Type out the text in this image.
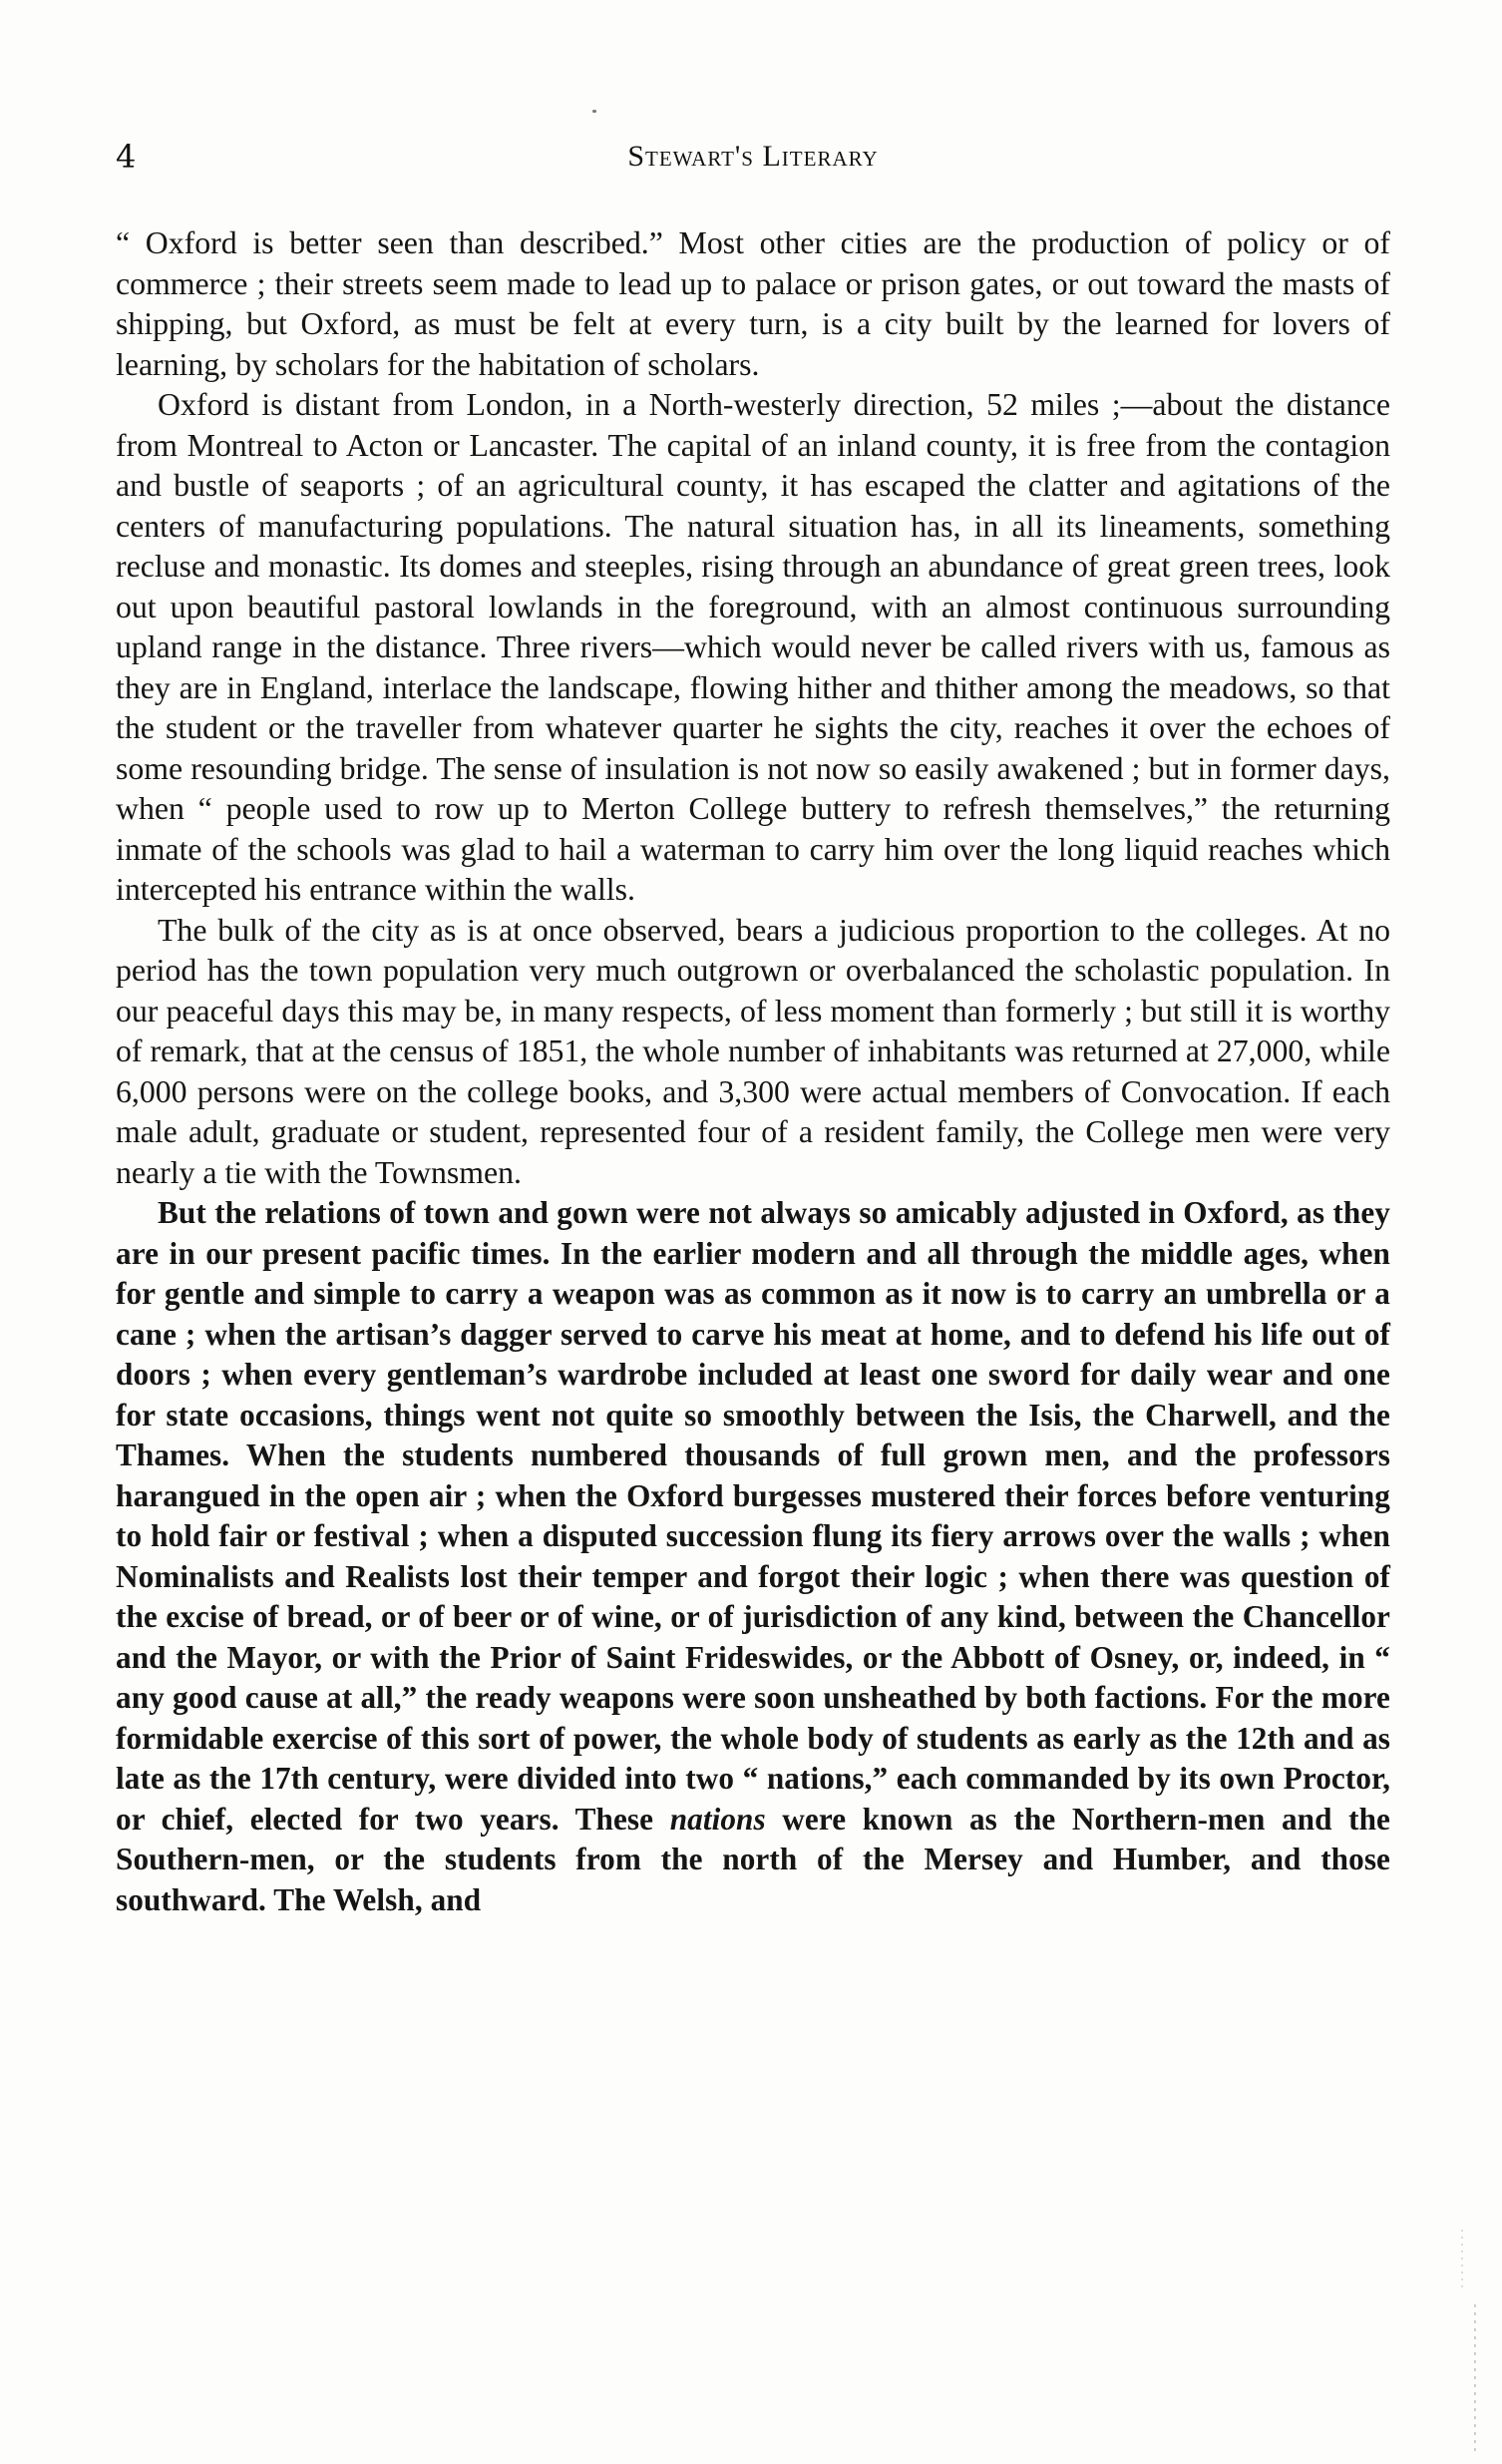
4	Stewart's Literary

“ Oxford is better seen than described.” Most other cities are the production of policy or of commerce ; their streets seem made to lead up to palace or prison gates, or out toward the masts of shipping, but Oxford, as must be felt at every turn, is a city built by the learned for lovers of learning, by scholars for the habitation of scholars.

Oxford is distant from London, in a North-westerly direction, 52 miles ;—about the distance from Montreal to Acton or Lancaster. The capital of an inland county, it is free from the contagion and bustle of seaports ; of an agricultural county, it has escaped the clatter and agitations of the centers of manufacturing populations. The natural situation has, in all its lineaments, something recluse and monastic. Its domes and steeples, rising through an abundance of great green trees, look out upon beautiful pastoral lowlands in the foreground, with an almost continuous surrounding upland range in the distance. Three rivers—which would never be called rivers with us, famous as they are in England, interlace the landscape, flowing hither and thither among the meadows, so that the student or the traveller from whatever quarter he sights the city, reaches it over the echoes of some resounding bridge. The sense of insulation is not now so easily awakened ; but in former days, when “ people used to row up to Merton College buttery to refresh themselves,” the returning inmate of the schools was glad to hail a waterman to carry him over the long liquid reaches which intercepted his entrance within the walls.

The bulk of the city as is at once observed, bears a judicious proportion to the colleges. At no period has the town population very much outgrown or overbalanced the scholastic population. In our peaceful days this may be, in many respects, of less moment than formerly ; but still it is worthy of remark, that at the census of 1851, the whole number of inhabitants was returned at 27,000, while 6,000 persons were on the college books, and 3,300 were actual members of Convocation. If each male adult, graduate or student, represented four of a resident family, the College men were very nearly a tie with the Townsmen.

But the relations of town and gown were not always so amicably adjusted in Oxford, as they are in our present pacific times. In the earlier modern and all through the middle ages, when for gentle and simple to carry a weapon was as common as it now is to carry an umbrella or a cane ; when the artisan’s dagger served to carve his meat at home, and to defend his life out of doors ; when every gentleman’s wardrobe included at least one sword for daily wear and one for state occasions, things went not quite so smoothly between the Isis, the Charwell, and the Thames. When the students numbered thousands of full grown men, and the professors harangued in the open air ; when the Oxford burgesses mustered their forces before venturing to hold fair or festival ; when a disputed succession flung its fiery arrows over the walls ; when Nominalists and Realists lost their temper and forgot their logic ; when there was question of the excise of bread, or of beer or of wine, or of jurisdiction of any kind, between the Chancellor and the Mayor, or with the Prior of Saint Frideswides, or the Abbott of Osney, or, indeed, in “ any good cause at all,” the ready weapons were soon unsheathed by both factions. For the more formidable exercise of this sort of power, the whole body of students as early as the 12th and as late as the 17th century, were divided into two “ nations,” each commanded by its own Proctor, or chief, elected for two years. These nations were known as the Northern-men and the Southern-men, or the students from the north of the Mersey and Humber, and those southward. The Welsh, and
